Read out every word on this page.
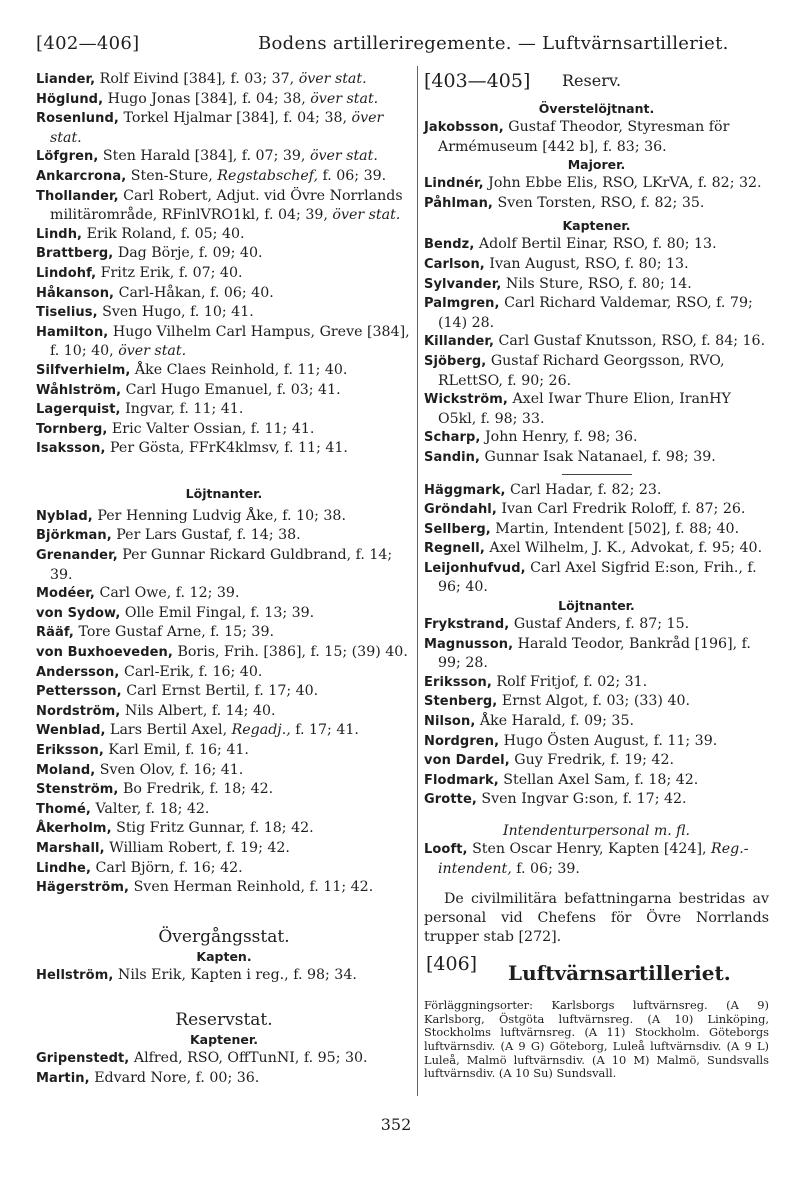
[402—406]	Bodens artilleriregemente. — Luftvärnsartilleriet.
Liander, Rolf Eivind [384], f. 03; 37, över stat.
Höglund, Hugo Jonas [384], f. 04; 38, över stat.
Rosenlund, Torkel Hjalmar [384], f. 04; 38, över stat.
Löfgren, Sten Harald [384], f. 07; 39, över stat.
Ankarcrona, Sten-Sture, Regstabschef, f. 06; 39.
Thollander, Carl Robert, Adjut. vid Övre Norrlands militärområde, RFinlVRO1kl, f. 04; 39, över stat.
Lindh, Erik Roland, f. 05; 40.
Brattberg, Dag Börje, f. 09; 40.
Lindohf, Fritz Erik, f. 07; 40.
Håkanson, Carl-Håkan, f. 06; 40.
Tiselius, Sven Hugo, f. 10; 41.
Hamilton, Hugo Vilhelm Carl Hampus, Greve [384], f. 10; 40, över stat.
Silfverhielm, Åke Claes Reinhold, f. 11; 40.
Wåhlström, Carl Hugo Emanuel, f. 03; 41.
Lagerquist, Ingvar, f. 11; 41.
Tornberg, Eric Valter Ossian, f. 11; 41.
Isaksson, Per Gösta, FFrK4klmsv, f. 11; 41.
Löjtnanter.
Nyblad, Per Henning Ludvig Åke, f. 10; 38.
Björkman, Per Lars Gustaf, f. 14; 38.
Grenander, Per Gunnar Rickard Guldbrand, f. 14; 39.
Modéer, Carl Owe, f. 12; 39.
von Sydow, Olle Emil Fingal, f. 13; 39.
Rääf, Tore Gustaf Arne, f. 15; 39.
von Buxhoeveden, Boris, Frih. [386], f. 15; (39) 40.
Andersson, Carl-Erik, f. 16; 40.
Pettersson, Carl Ernst Bertil, f. 17; 40.
Nordström, Nils Albert, f. 14; 40.
Wenblad, Lars Bertil Axel, Regadj., f. 17; 41.
Eriksson, Karl Emil, f. 16; 41.
Moland, Sven Olov, f. 16; 41.
Stenström, Bo Fredrik, f. 18; 42.
Thomé, Valter, f. 18; 42.
Åkerholm, Stig Fritz Gunnar, f. 18; 42.
Marshall, William Robert, f. 19; 42.
Lindhe, Carl Björn, f. 16; 42.
Hägerström, Sven Herman Reinhold, f. 11; 42.
Övergångsstat.
Kapten.
Hellström, Nils Erik, Kapten i reg., f. 98; 34.
Reservstat.
Kaptener.
Gripenstedt, Alfred, RSO, OffTunNI, f. 95; 30.
Martin, Edvard Nore, f. 00; 36.
[403—405] Reserv.
Överstelöjtnant.
Jakobsson, Gustaf Theodor, Styresman för Armémuseum [442 b], f. 83; 36.
Majorer.
Lindnér, John Ebbe Elis, RSO, LKrVA, f. 82; 32.
Påhlman, Sven Torsten, RSO, f. 82; 35.
Kaptener.
Bendz, Adolf Bertil Einar, RSO, f. 80; 13.
Carlson, Ivan August, RSO, f. 80; 13.
Sylvander, Nils Sture, RSO, f. 80; 14.
Palmgren, Carl Richard Valdemar, RSO, f. 79; (14) 28.
Killander, Carl Gustaf Knutsson, RSO, f. 84; 16.
Sjöberg, Gustaf Richard Georgsson, RVO, RLettSO, f. 90; 26.
Wickström, Axel Iwar Thure Elion, IranHY O5kl, f. 98; 33.
Scharp, John Henry, f. 98; 36.
Sandin, Gunnar Isak Natanael, f. 98; 39.
Häggmark, Carl Hadar, f. 82; 23.
Gröndahl, Ivan Carl Fredrik Roloff, f. 87; 26.
Sellberg, Martin, Intendent [502], f. 88; 40.
Regnell, Axel Wilhelm, J. K., Advokat, f. 95; 40.
Leijonhufvud, Carl Axel Sigfrid E:son, Frih., f. 96; 40.
Löjtnanter.
Frykstrand, Gustaf Anders, f. 87; 15.
Magnusson, Harald Teodor, Bankråd [196], f. 99; 28.
Eriksson, Rolf Fritjof, f. 02; 31.
Stenberg, Ernst Algot, f. 03; (33) 40.
Nilson, Åke Harald, f. 09; 35.
Nordgren, Hugo Östen August, f. 11; 39.
von Dardel, Guy Fredrik, f. 19; 42.
Flodmark, Stellan Axel Sam, f. 18; 42.
Grotte, Sven Ingvar G:son, f. 17; 42.
Intendenturpersonal m. fl.
Looft, Sten Oscar Henry, Kapten [424], Reg.-intendent, f. 06; 39.
De civilmilitära befattningarna bestridas av personal vid Chefens för Övre Norrlands trupper stab [272].
[406] Luftvärnsartilleriet.
Förläggningsorter: Karlsborgs luftvärnsreg. (A 9) Karlsborg, Östgöta luftvärnsreg. (A 10) Linköping, Stockholms luftvärnsreg. (A 11) Stockholm. Göteborgs luftvärnsdiv. (A 9 G) Göteborg, Luleå luftvärnsdiv. (A 9 L) Luleå, Malmö luftvärnsdiv. (A 10 M) Malmö, Sundsvalls luftvärnsdiv. (A 10 Su) Sundsvall.
352
